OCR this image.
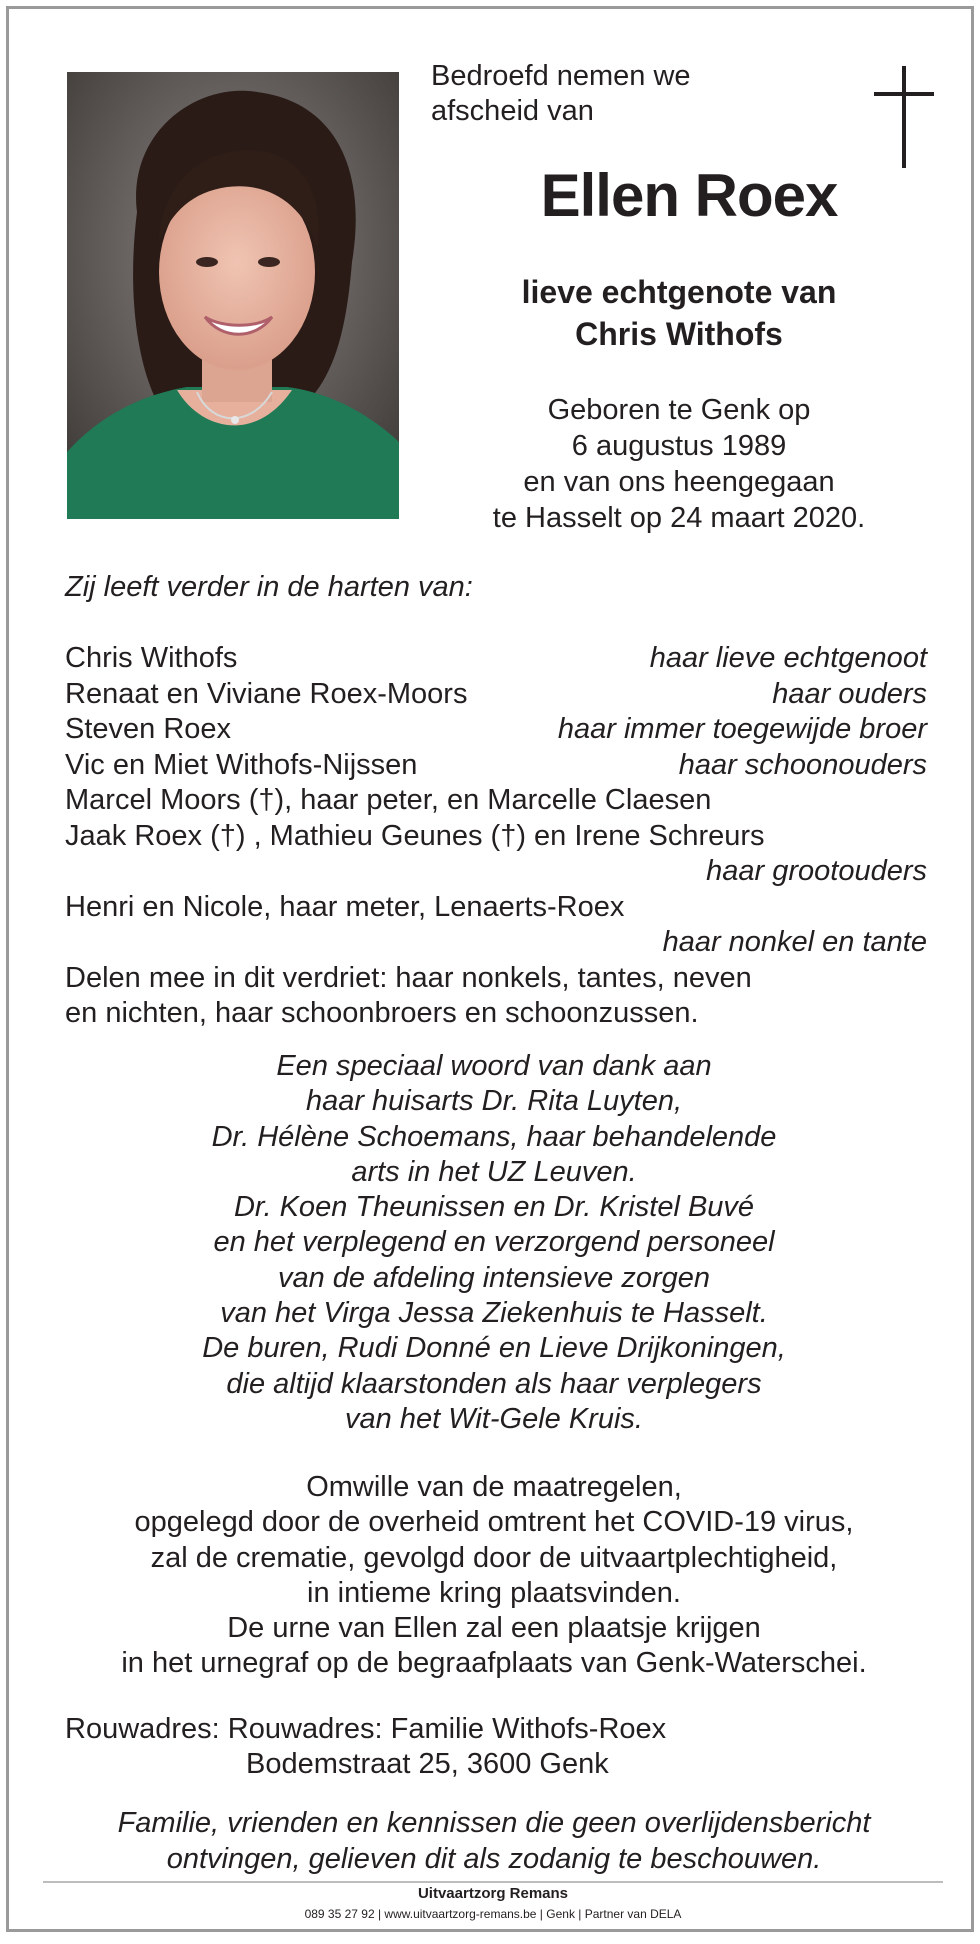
Bedroefd nemen we
afscheid van
Ellen Roex
lieve echtgenote van
Chris Withofs
Geboren te Genk op
6 augustus 1989
en van ons heengegaan
te Hasselt op 24 maart 2020.
Zij leeft verder in de harten van:
Chris Withofs	haar lieve echtgenoot
Renaat en Viviane Roex-Moors	haar ouders
Steven Roex	haar immer toegewijde broer
Vic en Miet Withofs-Nijssen	haar schoonouders
Marcel Moors (†), haar peter, en Marcelle Claesen
Jaak Roex (†) , Mathieu Geunes (†) en Irene Schreurs
haar grootouders
Henri en Nicole, haar meter, Lenaerts-Roex
haar nonkel en tante
Delen mee in dit verdriet: haar nonkels, tantes, neven
en nichten, haar schoonbroers en schoonzussen.
Een speciaal woord van dank aan
haar huisarts Dr. Rita Luyten,
Dr. Hélène Schoemans, haar behandelende
arts in het UZ Leuven.
Dr. Koen Theunissen en Dr. Kristel Buvé
en het verplegend en verzorgend personeel
van de afdeling intensieve zorgen
van het Virga Jessa Ziekenhuis te Hasselt.
De buren, Rudi Donné en Lieve Drijkoningen,
die altijd klaarstonden als haar verplegers
van het Wit-Gele Kruis.
Omwille van de maatregelen,
opgelegd door de overheid omtrent het COVID-19 virus,
zal de crematie, gevolgd door de uitvaartplechtigheid,
in intieme kring plaatsvinden.
De urne van Ellen zal een plaatsje krijgen
in het urnegraf op de begraafplaats van Genk-Waterschei.
Rouwadres: Rouwadres: Familie Withofs-Roex
Bodemstraat 25, 3600 Genk
Familie, vrienden en kennissen die geen overlijdensbericht
ontvingen, gelieven dit als zodanig te beschouwen.
Uitvaartzorg Remans
089 35 27 92 | www.uitvaartzorg-remans.be | Genk | Partner van DELA
